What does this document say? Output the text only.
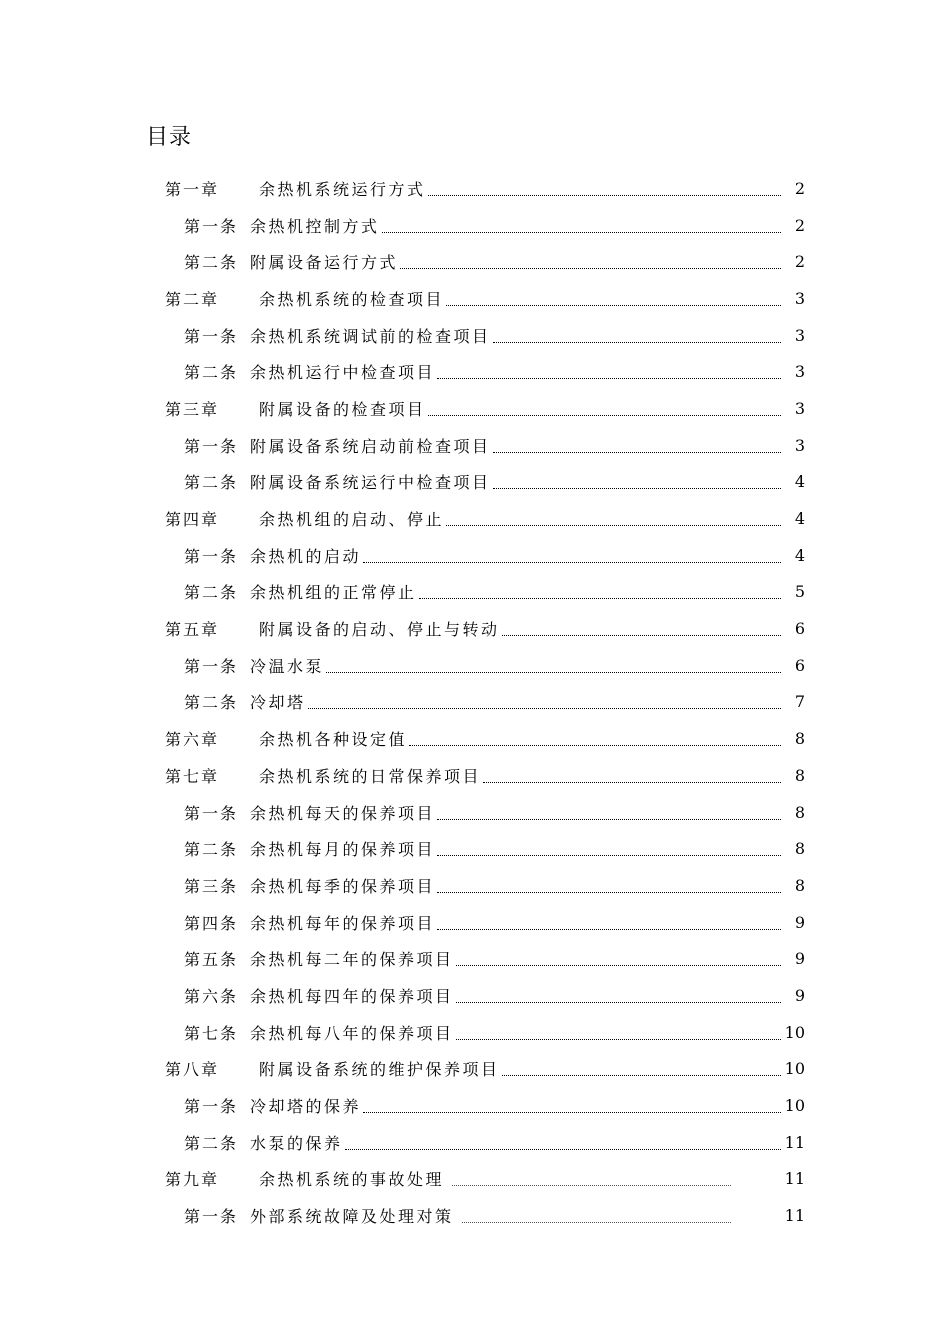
目录
第一章	余热机系统运行方式	2
第一条 余热机控制方式	2
第二条 附属设备运行方式	2
第二章	余热机系统的检查项目	3
第一条 余热机系统调试前的检查项目	3
第二条 余热机运行中检查项目	3
第三章	附属设备的检查项目	3
第一条 附属设备系统启动前检查项目	3
第二条 附属设备系统运行中检查项目	4
第四章	余热机组的启动、停止	4
第一条 余热机的启动	4
第二条 余热机组的正常停止	5
第五章	附属设备的启动、停止与转动	6
第一条 冷温水泵	6
第二条 冷却塔	7
第六章	余热机各种设定值	8
第七章	余热机系统的日常保养项目	8
第一条 余热机每天的保养项目	8
第二条 余热机每月的保养项目	8
第三条 余热机每季的保养项目	8
第四条 余热机每年的保养项目	9
第五条 余热机每二年的保养项目	9
第六条 余热机每四年的保养项目	9
第七条 余热机每八年的保养项目	10
第八章	附属设备系统的维护保养项目	10
第一条 冷却塔的保养	10
第二条 水泵的保养	11
第九章	余热机系统的事故处理	11
第一条 外部系统故障及处理对策	11
